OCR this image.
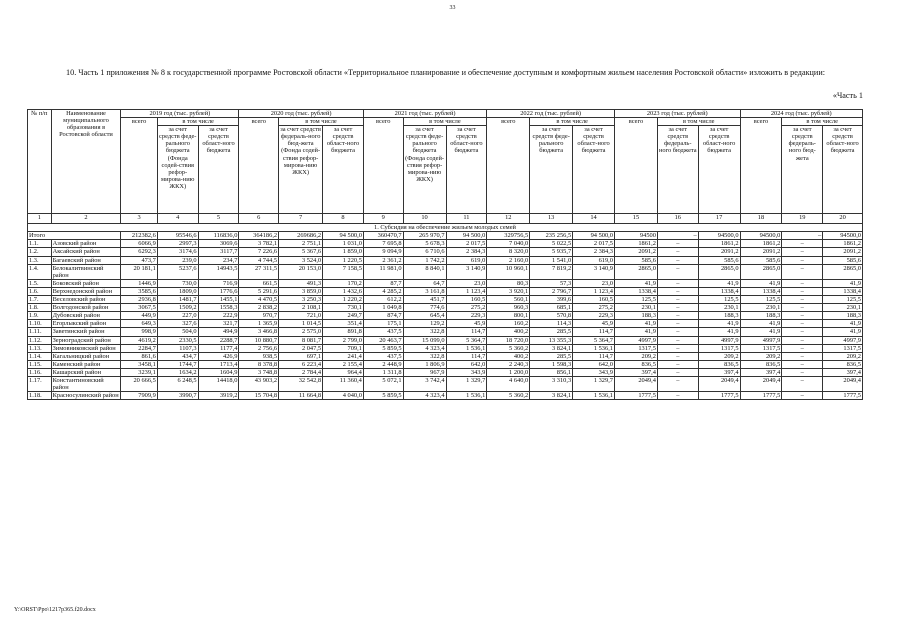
33
10. Часть 1 приложения № 8 к государственной программе Ростовской области «Территориальное планирование и обеспечение доступным и комфортным жильем населения Ростовской области» изложить в редакции:
«Часть 1
№ п/п	Наименование муниципального образования в Ростовской области	2019 год (тыс. рублей)			2020 год (тыс. рублей)			2021 год (тыс. рублей)			2022 год (тыс. рублей)			2023 год (тыс. рублей)			2024 год (тыс. рублей)		
		всего	в том числе		всего	в том числе		всего	в том числе		всего	в том числе		всего	в том числе		всего	в том числе	
			за счет средств феде-рального бюджета (Фонда содей-ствия рефор-мирова-нию ЖКХ)	за счет средств област-ного бюджета		за счет средств федераль-ного бюд-жета (Фонда содей-ствия рефор-мирова-нию ЖКХ)	за счет средств област-ного бюджета		за счет средств феде-рального бюджета (Фонда содей-ствия рефор-мирова-нию ЖКХ)	за счет средств област-ного бюджета		за счет средств феде-рального бюджета	за счет средств област-ного бюджета		за счет средств федераль-ного бюджета	за счет средств област-ного бюджета		за счет средств федераль-ного бюд-жета	за счет средств област-ного бюджета
1	2	3	4	5	6	7	8	9	10	11	12	13	14	15	16	17	18	19	20
1. Субсидия на обеспечение жильем молодых семей																			
Итого		212382,6	95546,6	116836,0	364186,2	269686,2	94 500,0	360470,7	265 970,7	94 500,0	329756,5	235 256,5	94 500,0	94500	–	94500,0	94500,0	–	94500,0
1.1.	Азовский район	6066,9	2997,3	3069,6	3 782,1	2 751,1	1 031,0	7 695,8	5 678,3	2 017,5	7 040,0	5 022,5	2 017,5	1861,2	–	1861,2	1861,2	–	1861,2
1.2.	Аксайский район	6292,3	3174,6	3117,7	7 226,6	5 367,6	1 859,0	9 094,9	6 710,6	2 384,3	8 320,0	5 935,7	2 384,3	2091,2	–	2091,2	2091,2	–	2091,2
1.3.	Багаевский район	473,7	239,0	234,7	4 744,5	3 524,0	1 220,5	2 361,2	1 742,2	619,0	2 160,0	1 541,0	619,0	585,6	–	585,6	585,6	–	585,6
1.4.	Белокалитвинский район	20 181,1	5237,6	14943,5	27 311,5	20 153,0	7 158,5	11 981,0	8 840,1	3 140,9	10 960,1	7 819,2	3 140,9	2865,0	–	2865,0	2865,0	–	2865,0
1.5.	Боковский район	1446,9	730,0	716,9	661,5	491,3	170,2	87,7	64,7	23,0	80,3	57,3	23,0	41,9	–	41,9	41,9	–	41,9
1.6.	Верхнедонской район	3585,6	1809,0	1776,6	5 291,6	3 859,0	1 432,6	4 285,2	3 161,8	1 123,4	3 920,1	2 796,7	1 123,4	1338,4	–	1338,4	1338,4	–	1338,4
1.7.	Веселовский район	2936,8	1481,7	1455,1	4 470,5	3 250,3	1 220,2	612,2	451,7	160,5	560,1	399,6	160,5	125,5	–	125,5	125,5	–	125,5
1.8.	Волгодонской район	3067,5	1509,2	1558,3	2 838,2	2 108,1	730,1	1 049,8	774,6	275,2	960,3	685,1	275,2	230,1	–	230,1	230,1	–	230,1
1.9.	Дубовский район	449,9	227,0	222,9	970,7	721,0	249,7	874,7	645,4	229,3	800,1	570,8	229,3	188,3	–	188,3	188,3	–	188,3
1.10.	Егорлыкский район	649,3	327,6	321,7	1 365,9	1 014,5	351,4	175,1	129,2	45,9	160,2	114,3	45,9	41,9	–	41,9	41,9	–	41,9
1.11.	Заветинский район	998,9	504,0	494,9	3 466,8	2 575,0	891,8	437,5	322,8	114,7	400,2	285,5	114,7	41,9	–	41,9	41,9	–	41,9
1.12.	Зерноградский район	4619,2	2330,5	2288,7	10 880,7	8 081,7	2 799,0	20 463,7	15 099,0	5 364,7	18 720,0	13 355,3	5 364,7	4997,9	–	4997,9	4997,9	–	4997,9
1.13.	Зимовниковский район	2284,7	1107,3	1177,4	2 756,6	2 047,5	709,1	5 859,5	4 323,4	1 536,1	5 360,2	3 824,1	1 536,1	1317,5	–	1317,5	1317,5	–	1317,5
1.14.	Кагальницкий район	861,6	434,7	426,9	938,5	697,1	241,4	437,5	322,8	114,7	400,2	285,5	114,7	209,2	–	209,2	209,2	–	209,2
1.15.	Каменский район	3458,1	1744,7	1713,4	8 378,8	6 223,4	2 155,4	2 448,9	1 806,9	642,0	2 240,3	1 598,3	642,0	836,5	–	836,5	836,5	–	836,5
1.16.	Кашарский район	3239,1	1634,2	1604,9	3 748,8	2 784,4	964,4	1 311,8	967,9	343,9	1 200,0	856,1	343,9	397,4	–	397,4	397,4	–	397,4
1.17.	Константиновский район	20 666,5	6 248,5	14418,0	43 903,2	32 542,8	11 360,4	5 072,1	3 742,4	1 329,7	4 640,0	3 310,3	1 329,7	2049,4	–	2049,4	2049,4	–	2049,4
1.18.	Красносулинский район	7909,9	3990,7	3919,2	15 704,8	11 664,8	4 040,0	5 859,5	4 323,4	1 536,1	5 360,2	3 824,1	1 536,1	1777,5	–	1777,5	1777,5	–	1777,5
Y:\ORST\Ppo\1217p365.f20.docx
